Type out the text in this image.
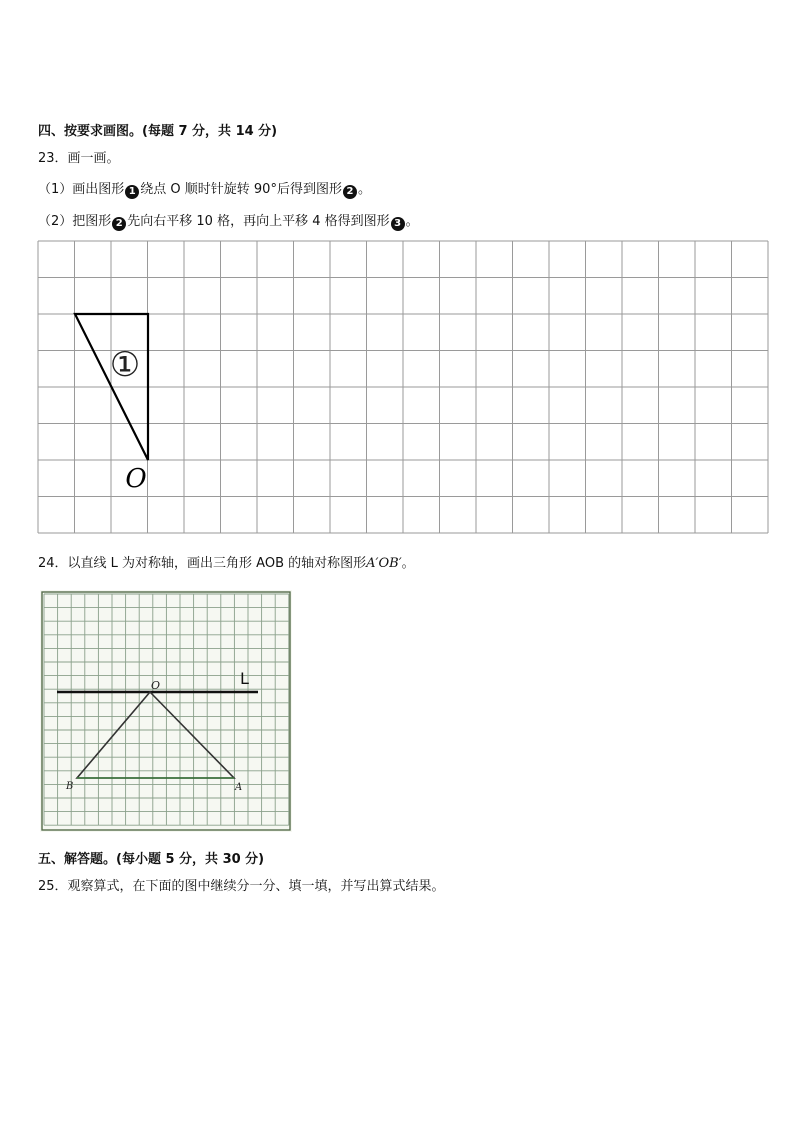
四、按要求画图。(每题 7 分，共 14 分)
23．画一画。
（1）画出图形 1 绕点 O 顺时针旋转 90°后得到图形 2 。
（2）把图形 2 先向右平移 10 格，再向上平移 4 格得到图形 3 。
①
O
24．以直线 L 为对称轴，画出三角形 AOB 的轴对称图形A′OB′。
L
O
B	A
五、解答题。(每小题 5 分，共 30 分)
25．观察算式，在下面的图中继续分一分、填一填，并写出算式结果。
